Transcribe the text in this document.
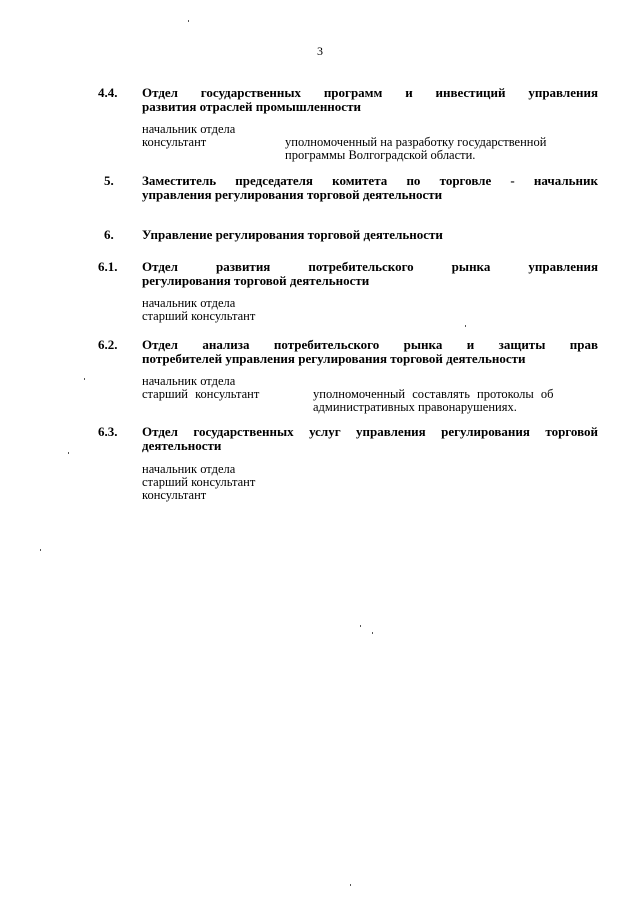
3
4.4.	Отдел государственных программ и инвестиций управления
развития отраслей промышленности
начальник отдела
консультант	уполномоченный на разработку государственной
программы Волгоградской области.
5.	Заместитель председателя комитета по торговле - начальник
управления регулирования торговой деятельности
6.	Управление регулирования торговой деятельности
6.1.	Отдел развития потребительского рынка управления
регулирования торговой деятельности
начальник отдела
старший консультант
6.2.	Отдел анализа потребительского рынка и защиты прав
потребителей управления регулирования торговой деятельности
начальник отдела
старший консультант	уполномоченный составлять протоколы об
административных правонарушениях.
6.3.	Отдел государственных услуг управления регулирования торговой
деятельности
начальник отдела
старший консультант
консультант
